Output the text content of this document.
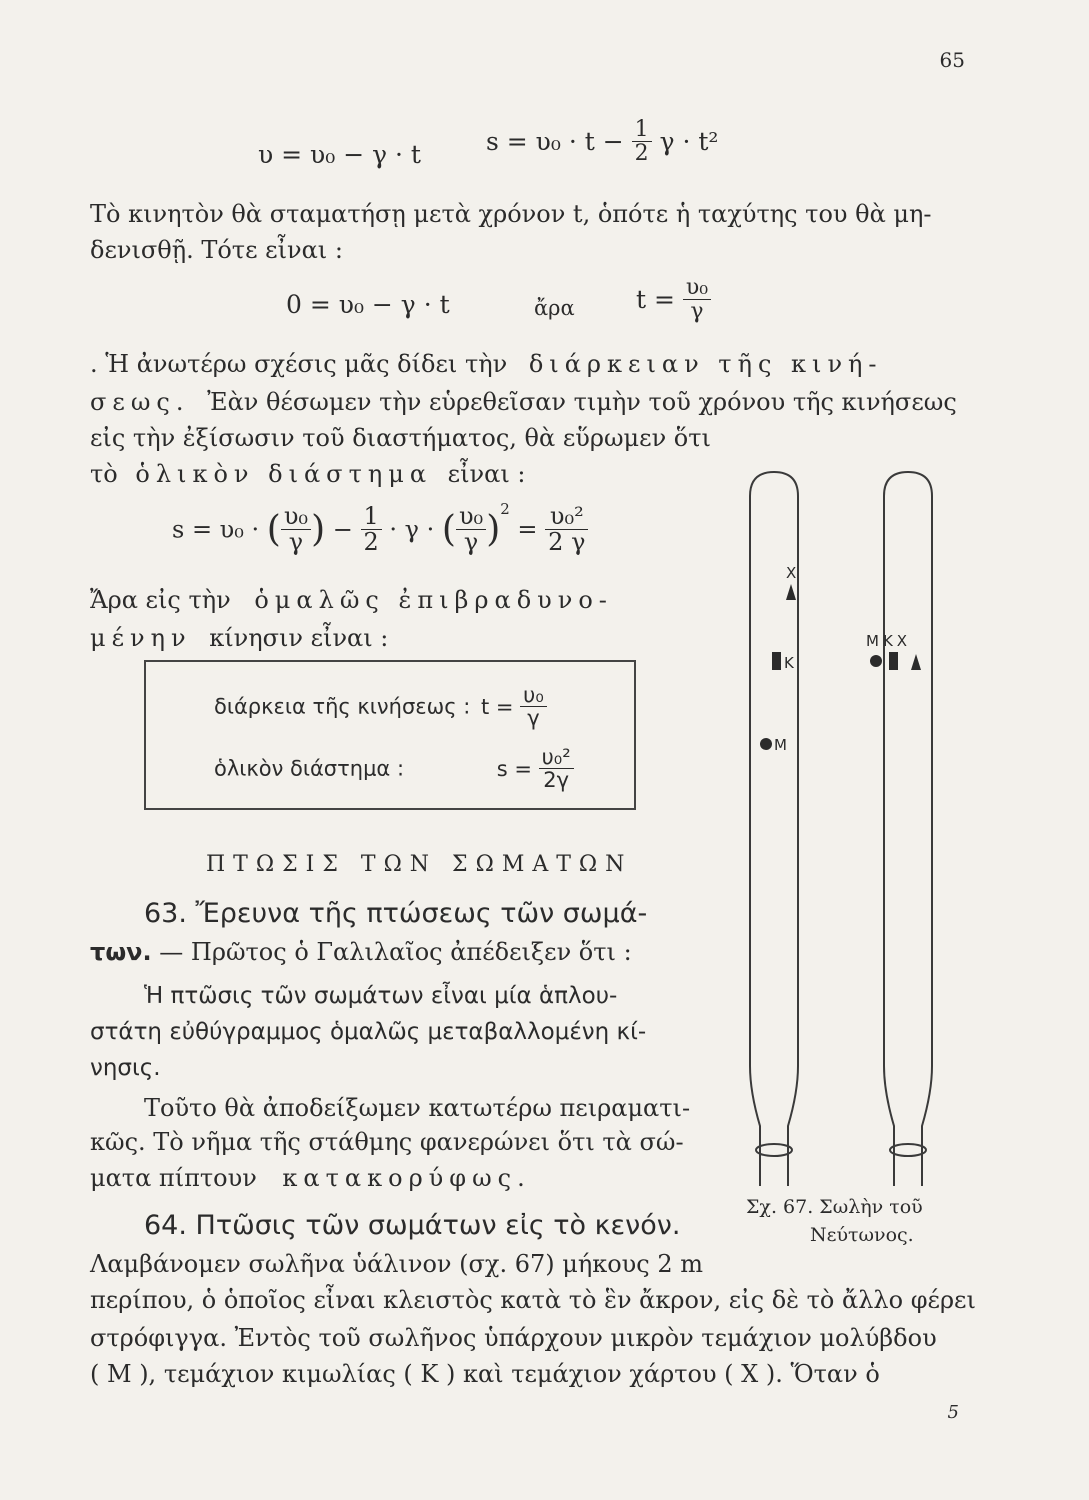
65
υ = υ₀ − γ · t	$s = \upsilon_0 \cdot t - \frac{1}{2}$ γ · t²
Τὸ κινητὸν θὰ σταματήσῃ μετὰ χρόνον t, ὁπότε ἡ ταχύτης του θὰ μη-
δενισθῇ. Τότε εἶναι :
0 = υ₀ − γ · t	ἄρα $t = \frac{\text{υ₀}}{\gamma}$
. Ἡ ἀνωτέρω σχέσις μᾶς δίδει τὴν διάρκειαν τῆς κινή-
σεως. Ἐὰν θέσωμεν τὴν εὑρεθεῖσαν τιμὴν τοῦ χρόνου τῆς κινήσεως
εἰς τὴν ἐξίσωσιν τοῦ διαστήματος, θὰ εὕρωμεν ὅτι
τὸ ὁλικὸν διάστημα εἶναι :
s = υ₀ · ( $\frac{\text{υ₀}}{\gamma}$ ) − $\frac{1}{2} \cdot \gamma$ · ( $\frac{\text{υ₀}}{\gamma} )^2 = \frac{\text{υ₀²}}{2 \gamma}$
Ἄρα εἰς τὴν ὁμαλῶς ἐπιβραδυνο-
μένην κίνησιν εἶναι :
διάρκεια τῆς κινήσεως : $t = \frac{\text{υ₀}}{\gamma}$
ὁλικὸν διάστημα :	$s = \frac{\text{υ₀²}}{2\gamma}$
ΠΤΩΣΙΣ ΤΩΝ ΣΩΜΑΤΩΝ
63. Ἔρευνα τῆς πτώσεως τῶν σωμά-
των. — Πρῶτος ὁ Γαλιλαῖος ἀπέδειξεν ὅτι :
Ἡ πτῶσις τῶν σωμάτων εἶναι μία ἁπλου-
στάτη εὐθύγραμμος ὁμαλῶς μεταβαλλομένη κί-
νησις.
Τοῦτο θὰ ἀποδείξωμεν κατωτέρω πειραματι-
κῶς. Τὸ νῆμα τῆς στάθμης φανερώνει ὅτι τὰ σώ-
ματα πίπτουν κατακορύφως.
64. Πτῶσις τῶν σωμάτων εἰς τὸ κενόν.
Λαμβάνομεν σωλῆνα ὑάλινον (σχ. 67) μήκους 2 m
περίπου, ὁ ὁποῖος εἶναι κλειστὸς κατὰ τὸ ἓν ἄκρον, εἰς δὲ τὸ ἄλλο φέρει
στρόφιγγα. Ἐντὸς τοῦ σωλῆνος ὑπάρχουν μικρὸν τεμάχιον μολύβδου
( Μ ), τεμάχιον κιμωλίας ( Κ ) καὶ τεμάχιον χάρτου ( Χ ). Ὅταν ὁ
Χ
Κ
Μ
ΜΚΧ
Σχ. 67. Σωλὴν τοῦ
Νεύτωνος.
5
